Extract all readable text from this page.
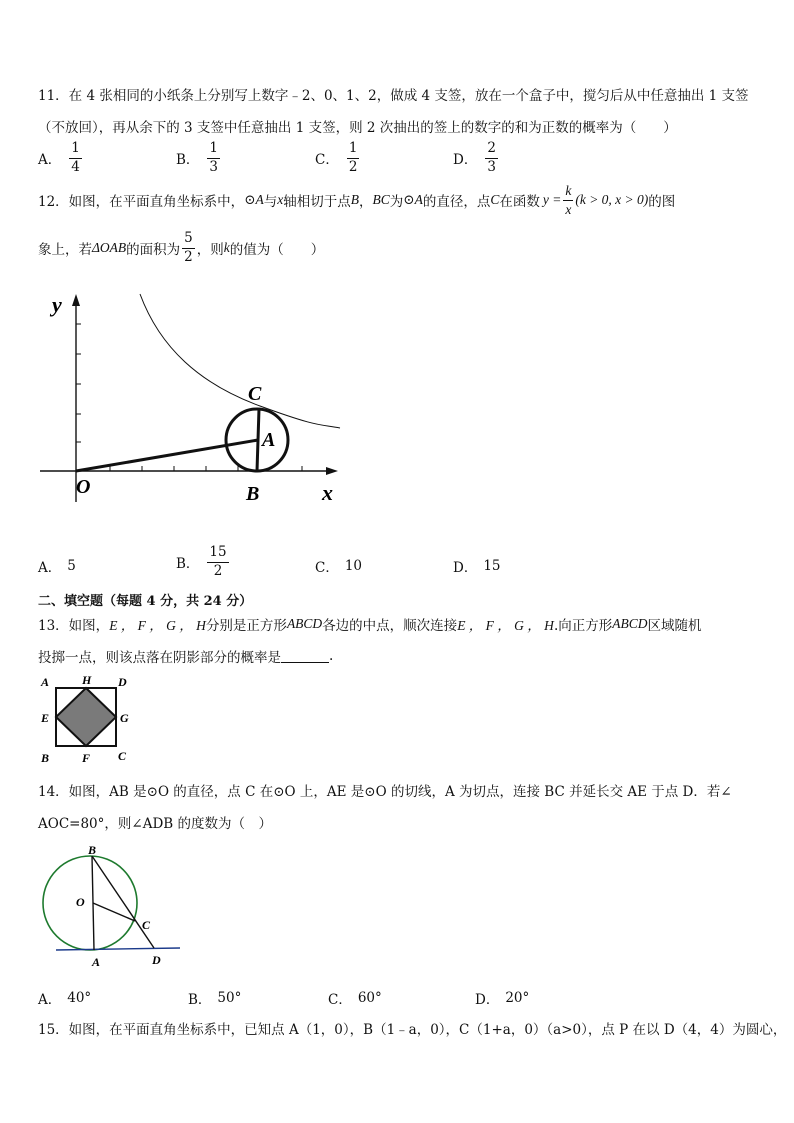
11．在 4 张相同的小纸条上分别写上数字﹣2、0、1、2，做成 4 支签，放在一个盒子中，搅匀后从中任意抽出 1 支签
（不放回），再从余下的 3 支签中任意抽出 1 支签，则 2 次抽出的签上的数字的和为正数的概率为（　　）
A． $\frac{1}{4}$	B． $\frac{1}{3}$	C． $\frac{1}{2}$	D． $\frac{2}{3}$
12．如图，在平面直角坐标系中， ⊙ A 与 x 轴相切于点 B ， BC 为 ⊙ A 的直径，点 C 在函数 $y = \frac{k}{x} (k > 0$, x > 0) 的图
象上，若 ΔOAB 的面积为 $\frac{5}{2}$ ，则 k 的值为（　　）
y
x
O
A
B
C
A． 5	B． $\frac{15}{2}$	C． 10	D． 15
二、填空题（每题 4 分，共 24 分）
13．如图， E ， F ， G ， H 分别是正方形 ABCD 各边的中点，顺次连接 E ， F ， G ， H .向正方形 ABCD 区域随机
投掷一点，则该点落在阴影部分的概率是	.
A	H D
E	G
B	F C
14．如图，AB 是⊙O 的直径，点 C 在⊙O 上，AE 是⊙O 的切线，A 为切点，连接 BC 并延长交 AE 于点 D．若∠
AOC=80°，则∠ADB 的度数为（　）
B
O
C
A	D
A． 40°	B． 50°	C． 60°	D． 20°
15．如图，在平面直角坐标系中，已知点 A（1，0），B（1﹣a，0），C（1+a，0）（a>0），点 P 在以 D（4，4）为圆心，
